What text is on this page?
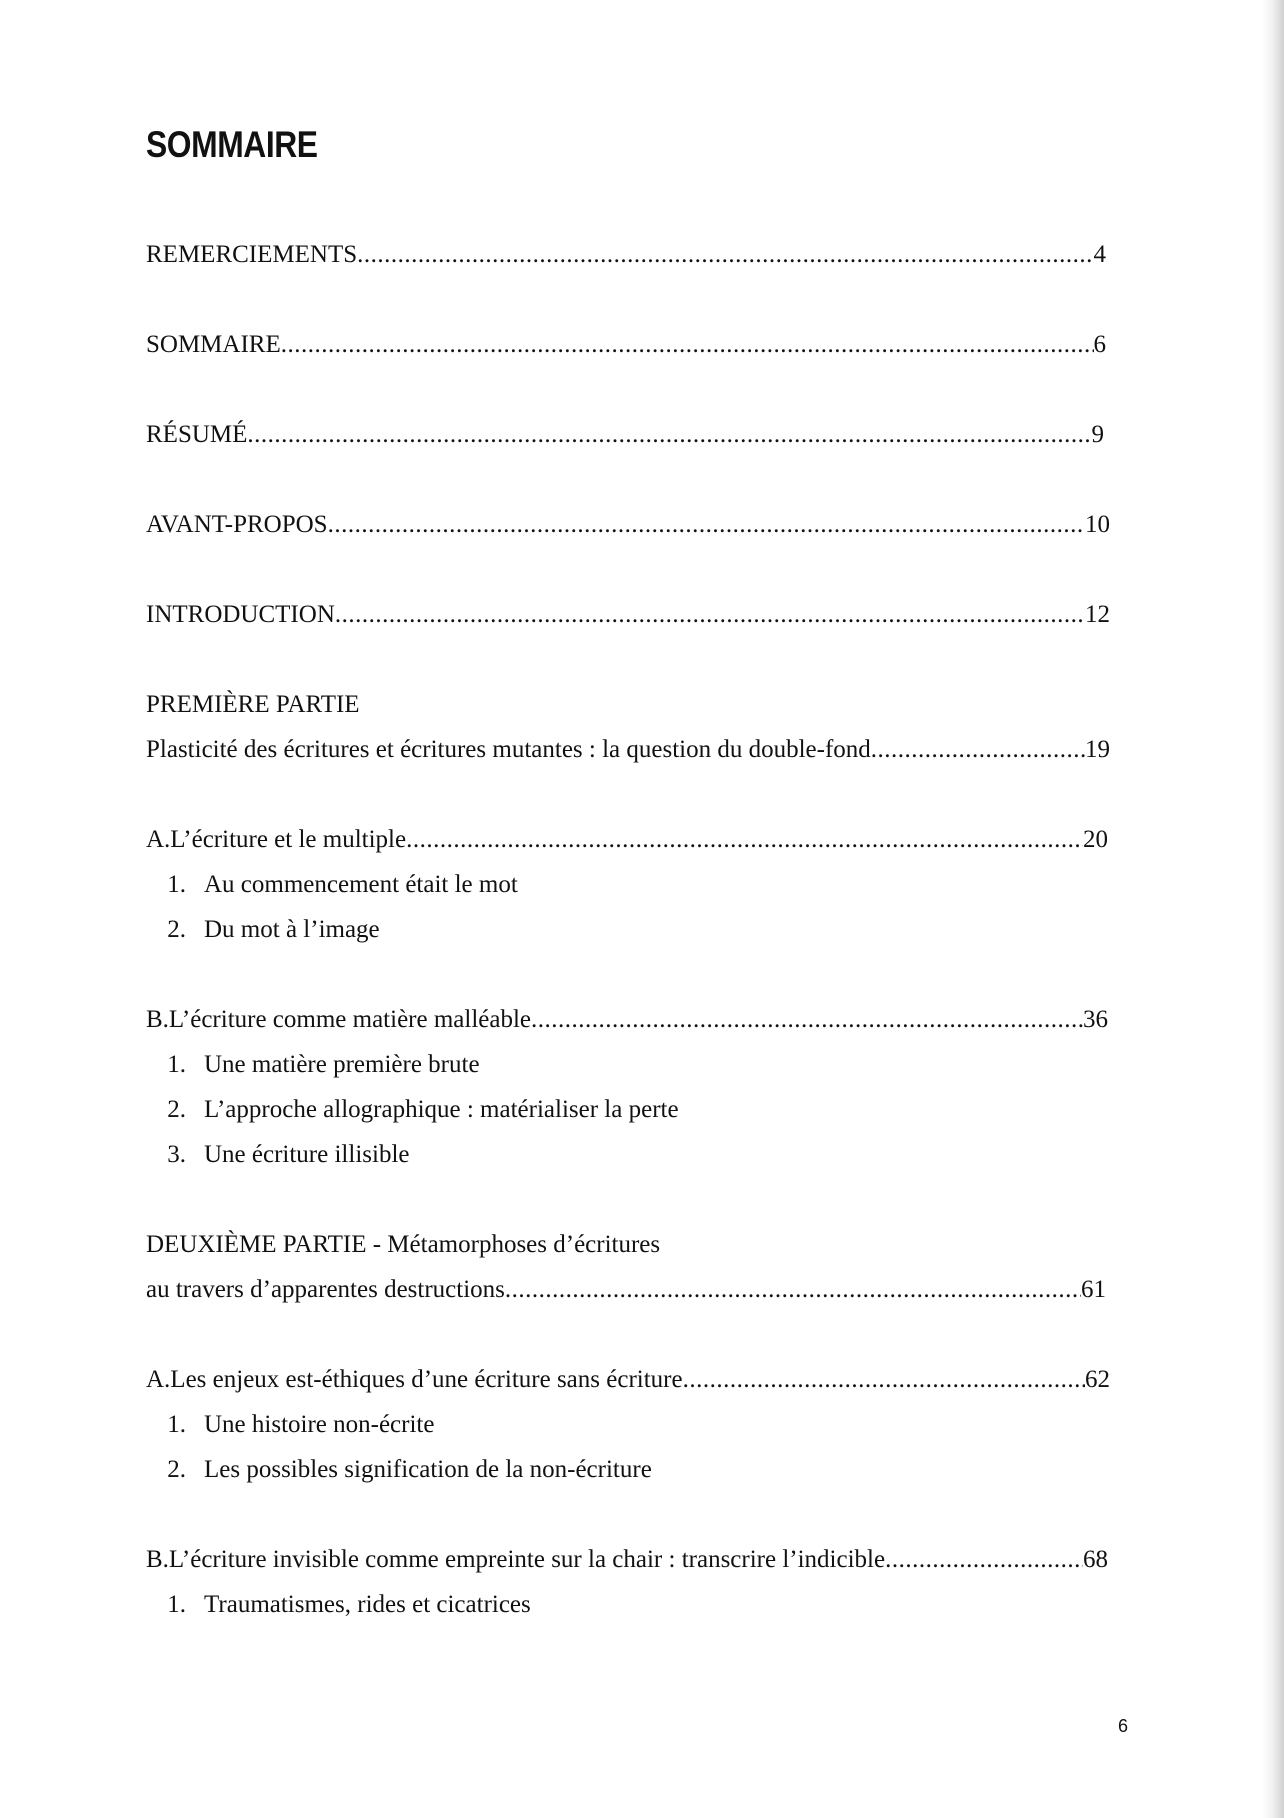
SOMMAIRE
REMERCIEMENTS .....	4
SOMMAIRE .....	6
RÉSUMÉ .....	9
AVANT-PROPOS .....	10
INTRODUCTION .....	12
PREMIÈRE PARTIE
Plasticité des écritures et écritures mutantes : la question du double-fond .....	19
A.L’écriture et le multiple .....	20
1. Au commencement était le mot
2. Du mot à l’image
B.L’écriture comme matière malléable .....	36
1. Une matière première brute
2. L’approche allographique : matérialiser la perte
3. Une écriture illisible
DEUXIÈME PARTIE - Métamorphoses d’écritures
au travers d’apparentes destructions .....	61
A.Les enjeux est-éthiques d’une écriture sans écriture .....	62
1. Une histoire non-écrite
2. Les possibles signification de la non-écriture
B.L’écriture invisible comme empreinte sur la chair : transcrire l’indicible .....	68
1. Traumatismes, rides et cicatrices
6
